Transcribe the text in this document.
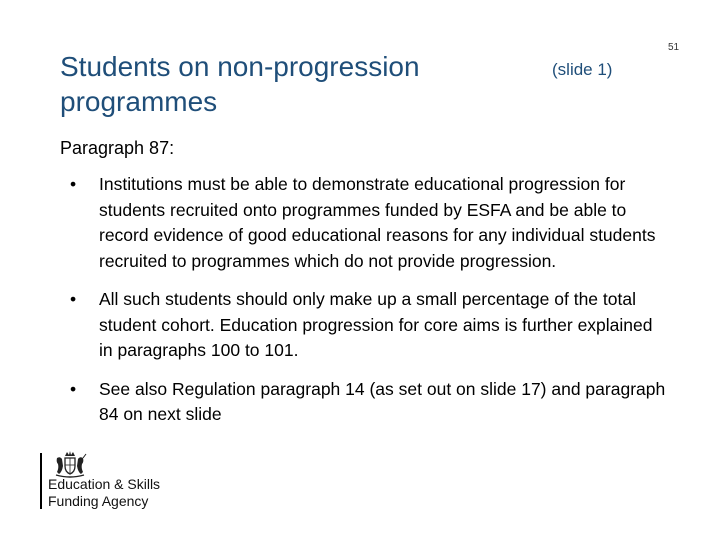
51
Students on non-progression programmes
(slide 1)
Paragraph 87:
• Institutions must be able to demonstrate educational progression for students recruited onto programmes funded by ESFA and be able to record evidence of good educational reasons for any individual students recruited to programmes which do not provide progression.
• All such students should only make up a small percentage of the total student cohort. Education progression for core aims is further explained in paragraphs 100 to 101.
• See also Regulation paragraph 14 (as set out on slide 17) and paragraph 84 on next slide
Education & Skills
Funding Agency
